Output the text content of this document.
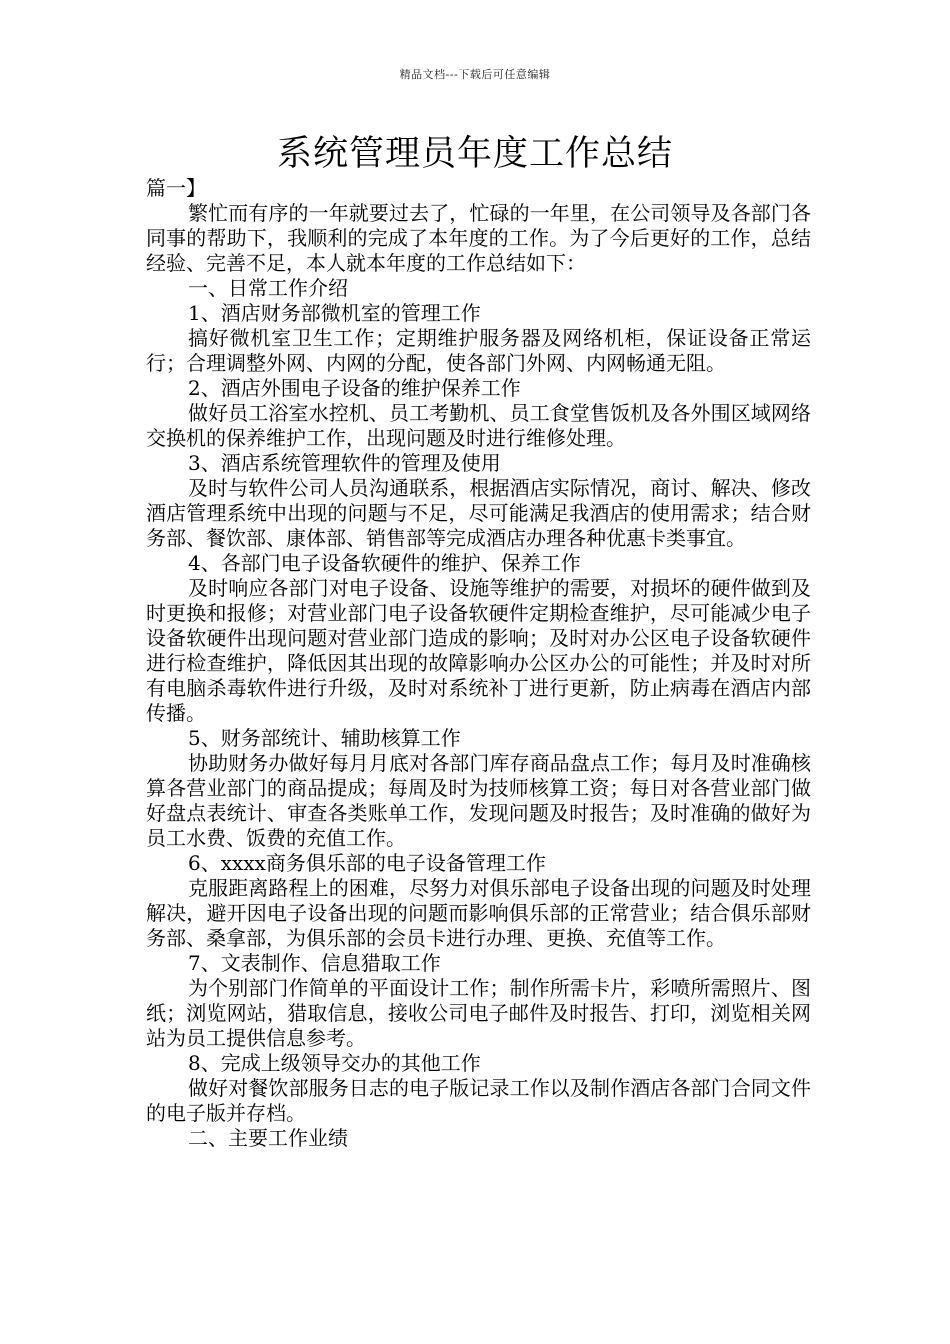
精品文档---下载后可任意编辑
系统管理员年度工作总结

篇一】

繁忙而有序的一年就要过去了，忙碌的一年里，在公司领导及各部门各同事的帮助下，我顺利的完成了本年度的工作。为了今后更好的工作，总结经验、完善不足，本人就本年度的工作总结如下：

一、日常工作介绍

1、酒店财务部微机室的管理工作

搞好微机室卫生工作；定期维护服务器及网络机柜，保证设备正常运行；合理调整外网、内网的分配，使各部门外网、内网畅通无阻。

2、酒店外围电子设备的维护保养工作

做好员工浴室水控机、员工考勤机、员工食堂售饭机及各外围区域网络交换机的保养维护工作，出现问题及时进行维修处理。

3、酒店系统管理软件的管理及使用

及时与软件公司人员沟通联系，根据酒店实际情况，商讨、解决、修改酒店管理系统中出现的问题与不足，尽可能满足我酒店的使用需求；结合财务部、餐饮部、康体部、销售部等完成酒店办理各种优惠卡类事宜。

4、各部门电子设备软硬件的维护、保养工作

及时响应各部门对电子设备、设施等维护的需要，对损坏的硬件做到及时更换和报修；对营业部门电子设备软硬件定期检查维护，尽可能减少电子设备软硬件出现问题对营业部门造成的影响；及时对办公区电子设备软硬件进行检查维护，降低因其出现的故障影响办公区办公的可能性；并及时对所有电脑杀毒软件进行升级，及时对系统补丁进行更新，防止病毒在酒店内部传播。

5、财务部统计、辅助核算工作

协助财务办做好每月月底对各部门库存商品盘点工作；每月及时准确核算各营业部门的商品提成；每周及时为技师核算工资；每日对各营业部门做好盘点表统计、审查各类账单工作，发现问题及时报告；及时准确的做好为员工水费、饭费的充值工作。

6、xxxx商务俱乐部的电子设备管理工作

克服距离路程上的困难，尽努力对俱乐部电子设备出现的问题及时处理解决，避开因电子设备出现的问题而影响俱乐部的正常营业；结合俱乐部财务部、桑拿部，为俱乐部的会员卡进行办理、更换、充值等工作。

7、文表制作、信息猎取工作

为个别部门作简单的平面设计工作；制作所需卡片，彩喷所需照片、图纸；浏览网站，猎取信息，接收公司电子邮件及时报告、打印，浏览相关网站为员工提供信息参考。

8、完成上级领导交办的其他工作

做好对餐饮部服务日志的电子版记录工作以及制作酒店各部门合同文件的电子版并存档。

二、主要工作业绩
